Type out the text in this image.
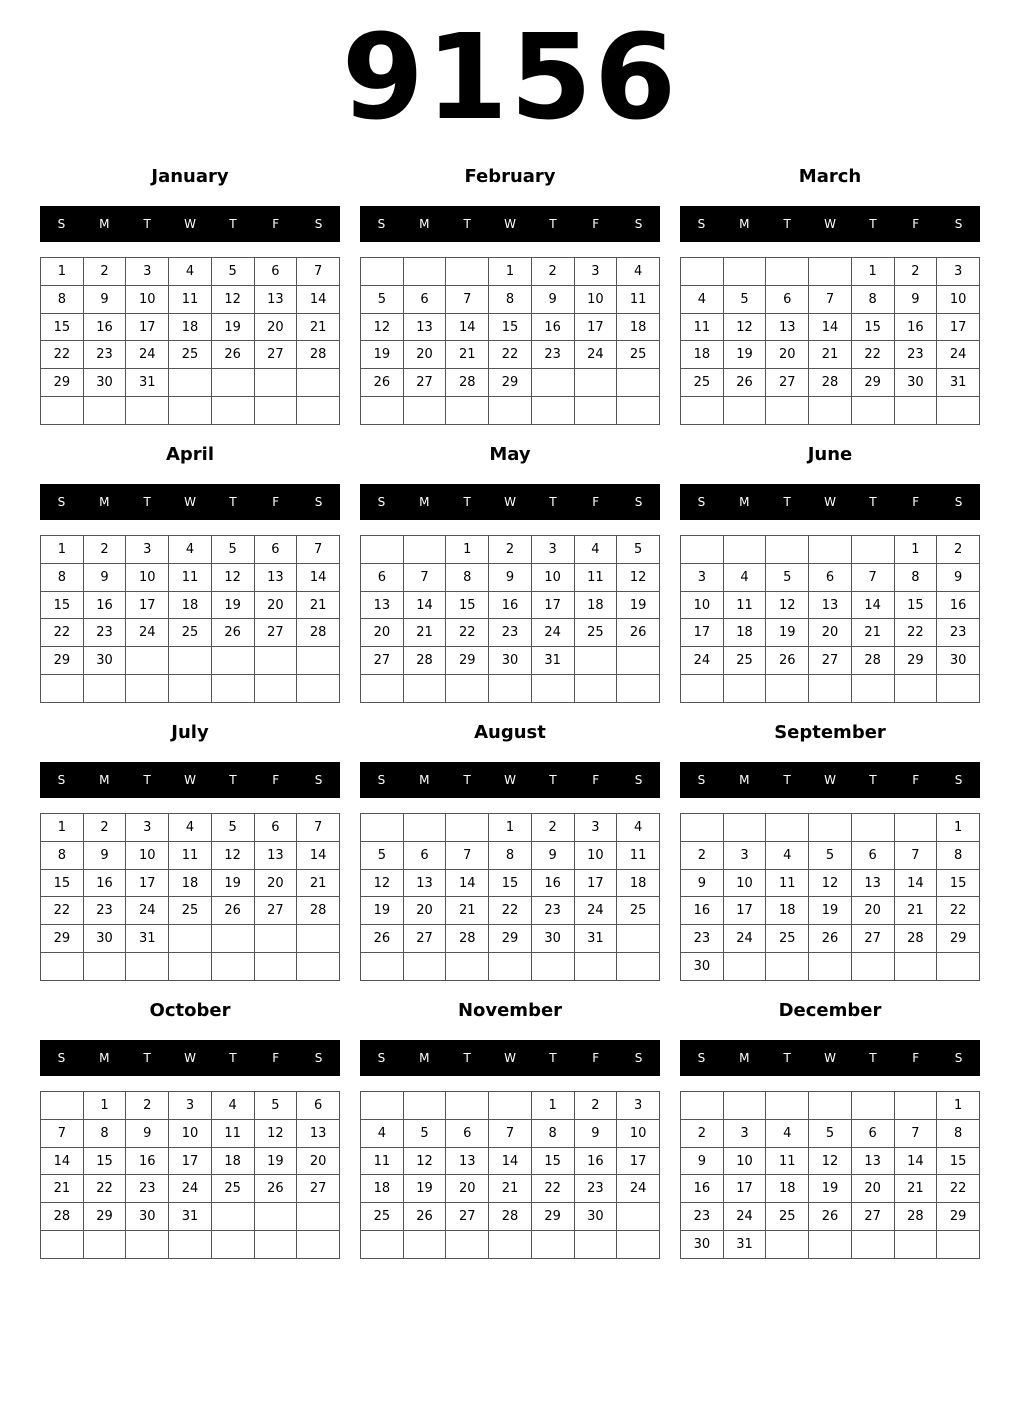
9156
January
S	M	T	W	T	F	S
1	2	3	4	5	6	7
8	9	10	11	12	13	14
15	16	17	18	19	20	21
22	23	24	25	26	27	28
29	30	31				

February
S	M	T	W	T	F	S
			1	2	3	4
5	6	7	8	9	10	11
12	13	14	15	16	17	18
19	20	21	22	23	24	25
26	27	28	29			

March
S	M	T	W	T	F	S
				1	2	3
4	5	6	7	8	9	10
11	12	13	14	15	16	17
18	19	20	21	22	23	24
25	26	27	28	29	30	31

April
S	M	T	W	T	F	S
1	2	3	4	5	6	7
8	9	10	11	12	13	14
15	16	17	18	19	20	21
22	23	24	25	26	27	28
29	30					

May
S	M	T	W	T	F	S
		1	2	3	4	5
6	7	8	9	10	11	12
13	14	15	16	17	18	19
20	21	22	23	24	25	26
27	28	29	30	31		

June
S	M	T	W	T	F	S
					1	2
3	4	5	6	7	8	9
10	11	12	13	14	15	16
17	18	19	20	21	22	23
24	25	26	27	28	29	30

July
S	M	T	W	T	F	S
1	2	3	4	5	6	7
8	9	10	11	12	13	14
15	16	17	18	19	20	21
22	23	24	25	26	27	28
29	30	31				

August
S	M	T	W	T	F	S
			1	2	3	4
5	6	7	8	9	10	11
12	13	14	15	16	17	18
19	20	21	22	23	24	25
26	27	28	29	30	31	

September
S	M	T	W	T	F	S
						1
2	3	4	5	6	7	8
9	10	11	12	13	14	15
16	17	18	19	20	21	22
23	24	25	26	27	28	29
30						
October
S	M	T	W	T	F	S
	1	2	3	4	5	6
7	8	9	10	11	12	13
14	15	16	17	18	19	20
21	22	23	24	25	26	27
28	29	30	31			

November
S	M	T	W	T	F	S
				1	2	3
4	5	6	7	8	9	10
11	12	13	14	15	16	17
18	19	20	21	22	23	24
25	26	27	28	29	30	

December
S	M	T	W	T	F	S
						1
2	3	4	5	6	7	8
9	10	11	12	13	14	15
16	17	18	19	20	21	22
23	24	25	26	27	28	29
30	31					
